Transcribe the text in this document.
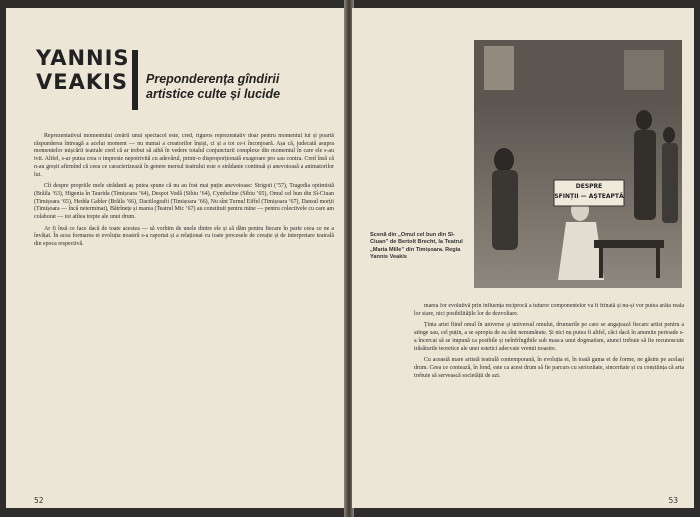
YANNIS
VEAKIS Preponderența gîndirii
artistice culte și lucide

Reprezentativul momentului creării unui spectacol este, cred, riguros reprezentativ doar pentru momentul lui și poartă răspunderea întreagă a acelui moment — nu numai a creatorilor înșiși, ci și a tot ce-i înconjoară. Așa că, judecată asupra momentelor mișcării teatrale cred că ar trebui să aibă în vedere totalul conjuncturii complexe din momentul în care ele s-au ivit. Altfel, s-ar putea crea o impresie nepotrivită cu adevărul, printr-o disproporționată exagerare pro sau contra. Cred însă că n-au greșit afirmînd că ceea ce caracterizează în genere mersul teatrului este o strădanie continuă și anevoioasă a animatorilor lui.

Cît despre propriile mele strădanii aș putea spune că nu au fost mai puțin anevoioase: Strigoii (’57), Tragedia optimistă (Brăila ’63), Higenia în Taurida (Timișoara ’64), Despot Vodă (Sibiu ’64), Cymbeline (Sibiu ’65), Omul cel bun din Sî-Ciuan (Timișoara ’65), Hedda Gabler (Brăila ’66), Dactilografii (Timișoara ’66), Nu sînt Turnul Eiffel (Timișoara ’67), Dansul morții (Timișoara — încă neterminat), Bătrînețe și marea (Teatrul Mic ’67) au constituit pentru mine — pentru colectivele cu care am colaborat — tot atîtea trepte ale unui drum.

Ar fi însă ce face dacă de toate acestea — să vorbim de unele dintre ele și să dăm pentru fiecare în parte ceea ce ne a învățat. În acea formarea ei evoluția noastră s-a raportat și a relaționat cu toate procesele de creație și de interpretare teatrală din epoca respectivă.

52
DESPRE
SFINȚII — AȘTEAPTĂ
Scenă din „Omul cel bun din Sî-Ciuan” de Bertolt Brecht, la Teatrul „Maria Mille” din Timișoara. Regia Yannis Veakis

marea for evolutivă prin influența reciprocă a tuturor componentelor va fi frînată și nu-și vor putea arăta reala lor stare, nici posibilitățile lor de dezvoltare.

Ținta artei fiind omul în universe și universul omului, drumurile pe care se angajează fiecare artist pentru a atinge sau, cel puțin, a se apropia de ea sînt nenumărate. Și nici nu putea fi altfel, căci dacă în anumite perioade s-a încercat să se impună ca posibile și neînfrîngibile sub masca unui dogmatism, atunci trebuie să fie recunoscute trăsăturile teoretice ale unei estetici adecvate vremii noastre.

Cu această mare artistă teatrală contemporană, în evoluția ei, în toată gama ei de forme, ne găsim pe același drum. Ceea ce contează, în fond, este ca acest drum să fie parcurs cu seriozitate, sinceritate și cu conștiința că arta trebuie să servească societății de azi.

53
